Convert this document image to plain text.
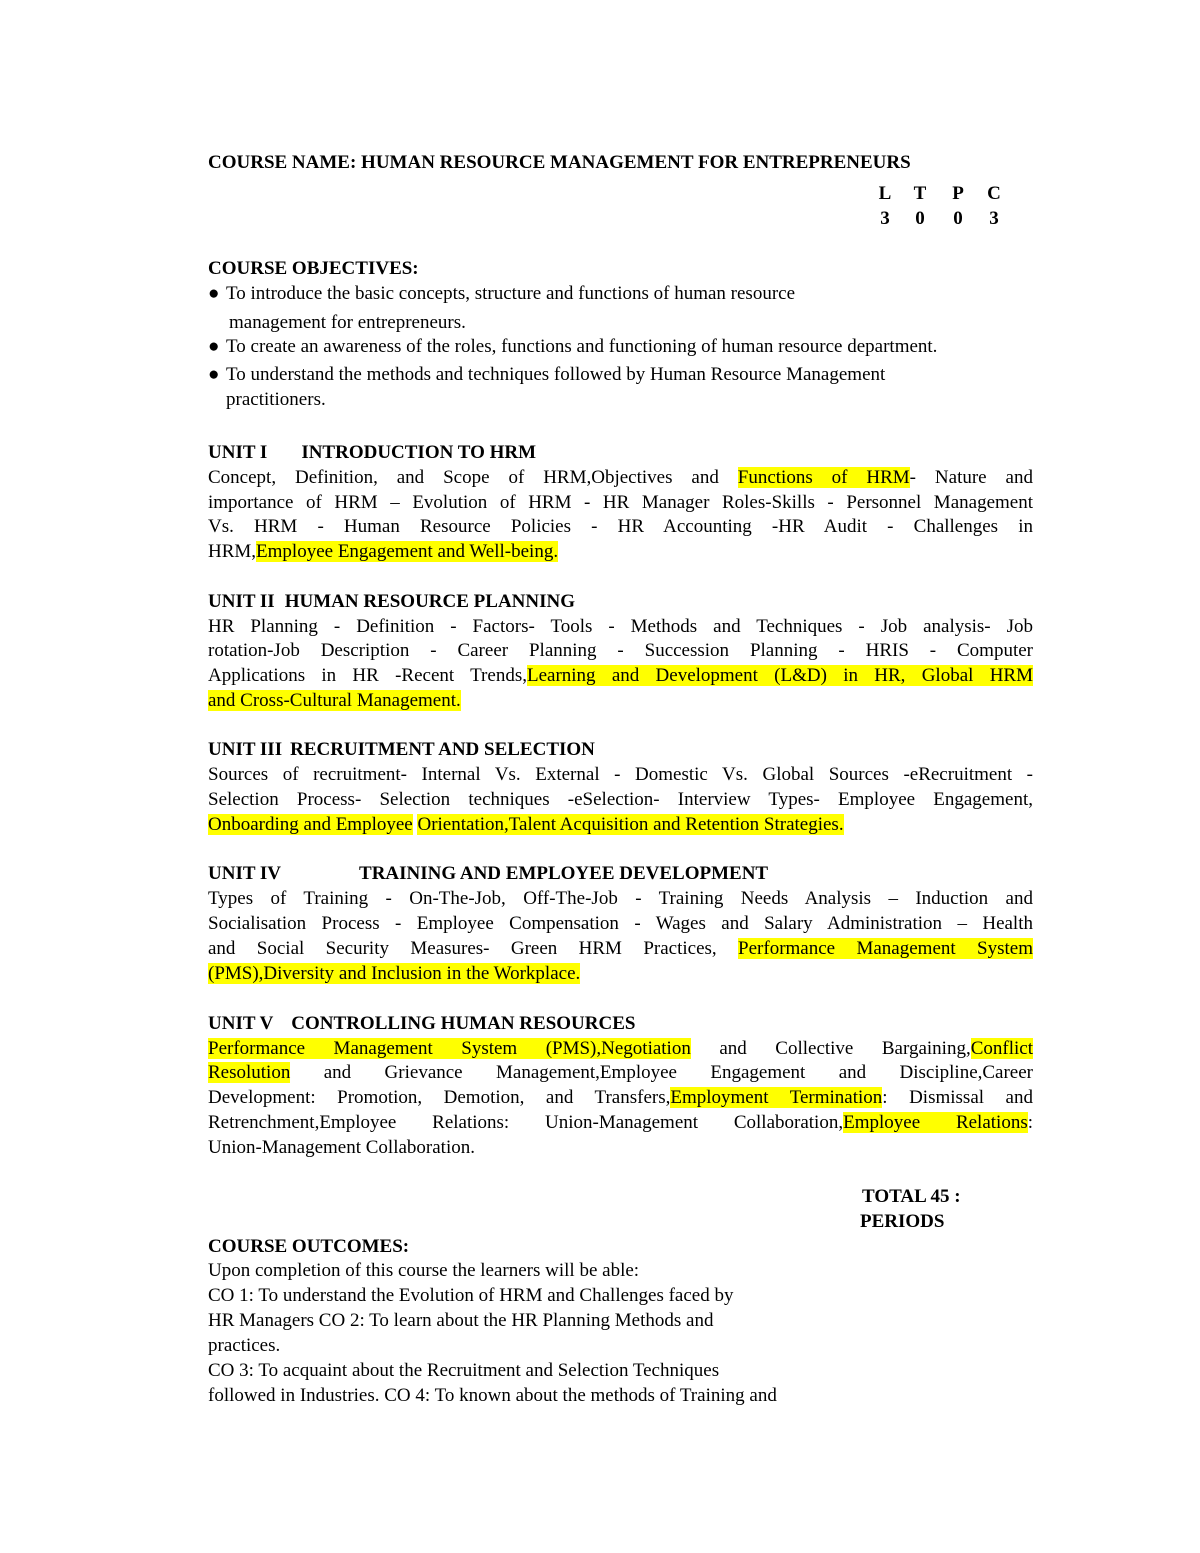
COURSE NAME: HUMAN RESOURCE MANAGEMENT FOR ENTREPRENEURS
L T P C
3 0 0 3
COURSE OBJECTIVES:
● To introduce the basic concepts, structure and functions of human resource
management for entrepreneurs.
● To create an awareness of the roles, functions and functioning of human resource department.
● To understand the methods and techniques followed by Human Resource Management
practitioners.
UNIT I INTRODUCTION TO HRM
Concept, Definition, and Scope of HRM,Objectives and Functions of HRM- Nature and
importance of HRM – Evolution of HRM - HR Manager Roles-Skills - Personnel Management
Vs. HRM - Human Resource Policies - HR Accounting -HR Audit - Challenges in
HRM,Employee Engagement and Well-being.
UNIT II HUMAN RESOURCE PLANNING
HR Planning - Definition - Factors- Tools - Methods and Techniques - Job analysis- Job
rotation-Job Description - Career Planning - Succession Planning - HRIS - Computer
Applications in HR -Recent Trends,Learning and Development (L&D) in HR, Global HRM
and Cross-Cultural Management.
UNIT III RECRUITMENT AND SELECTION
Sources of recruitment- Internal Vs. External - Domestic Vs. Global Sources -eRecruitment -
Selection Process- Selection techniques -eSelection- Interview Types- Employee Engagement,
Onboarding and Employee Orientation,Talent Acquisition and Retention Strategies.
UNIT IV	TRAINING AND EMPLOYEE DEVELOPMENT
Types of Training - On-The-Job, Off-The-Job - Training Needs Analysis – Induction and
Socialisation Process - Employee Compensation - Wages and Salary Administration – Health
and Social Security Measures- Green HRM Practices, Performance Management System
(PMS),Diversity and Inclusion in the Workplace.
UNIT V CONTROLLING HUMAN RESOURCES
Performance Management System (PMS),Negotiation and Collective Bargaining,Conflict
Resolution and Grievance Management,Employee Engagement and Discipline,Career
Development: Promotion, Demotion, and Transfers,Employment Termination: Dismissal and
Retrenchment,Employee Relations: Union-Management Collaboration,Employee Relations:
Union-Management Collaboration.
TOTAL 45 :
PERIODS
COURSE OUTCOMES:
Upon completion of this course the learners will be able:
CO 1: To understand the Evolution of HRM and Challenges faced by
HR Managers CO 2: To learn about the HR Planning Methods and
practices.
CO 3: To acquaint about the Recruitment and Selection Techniques
followed in Industries. CO 4: To known about the methods of Training and
